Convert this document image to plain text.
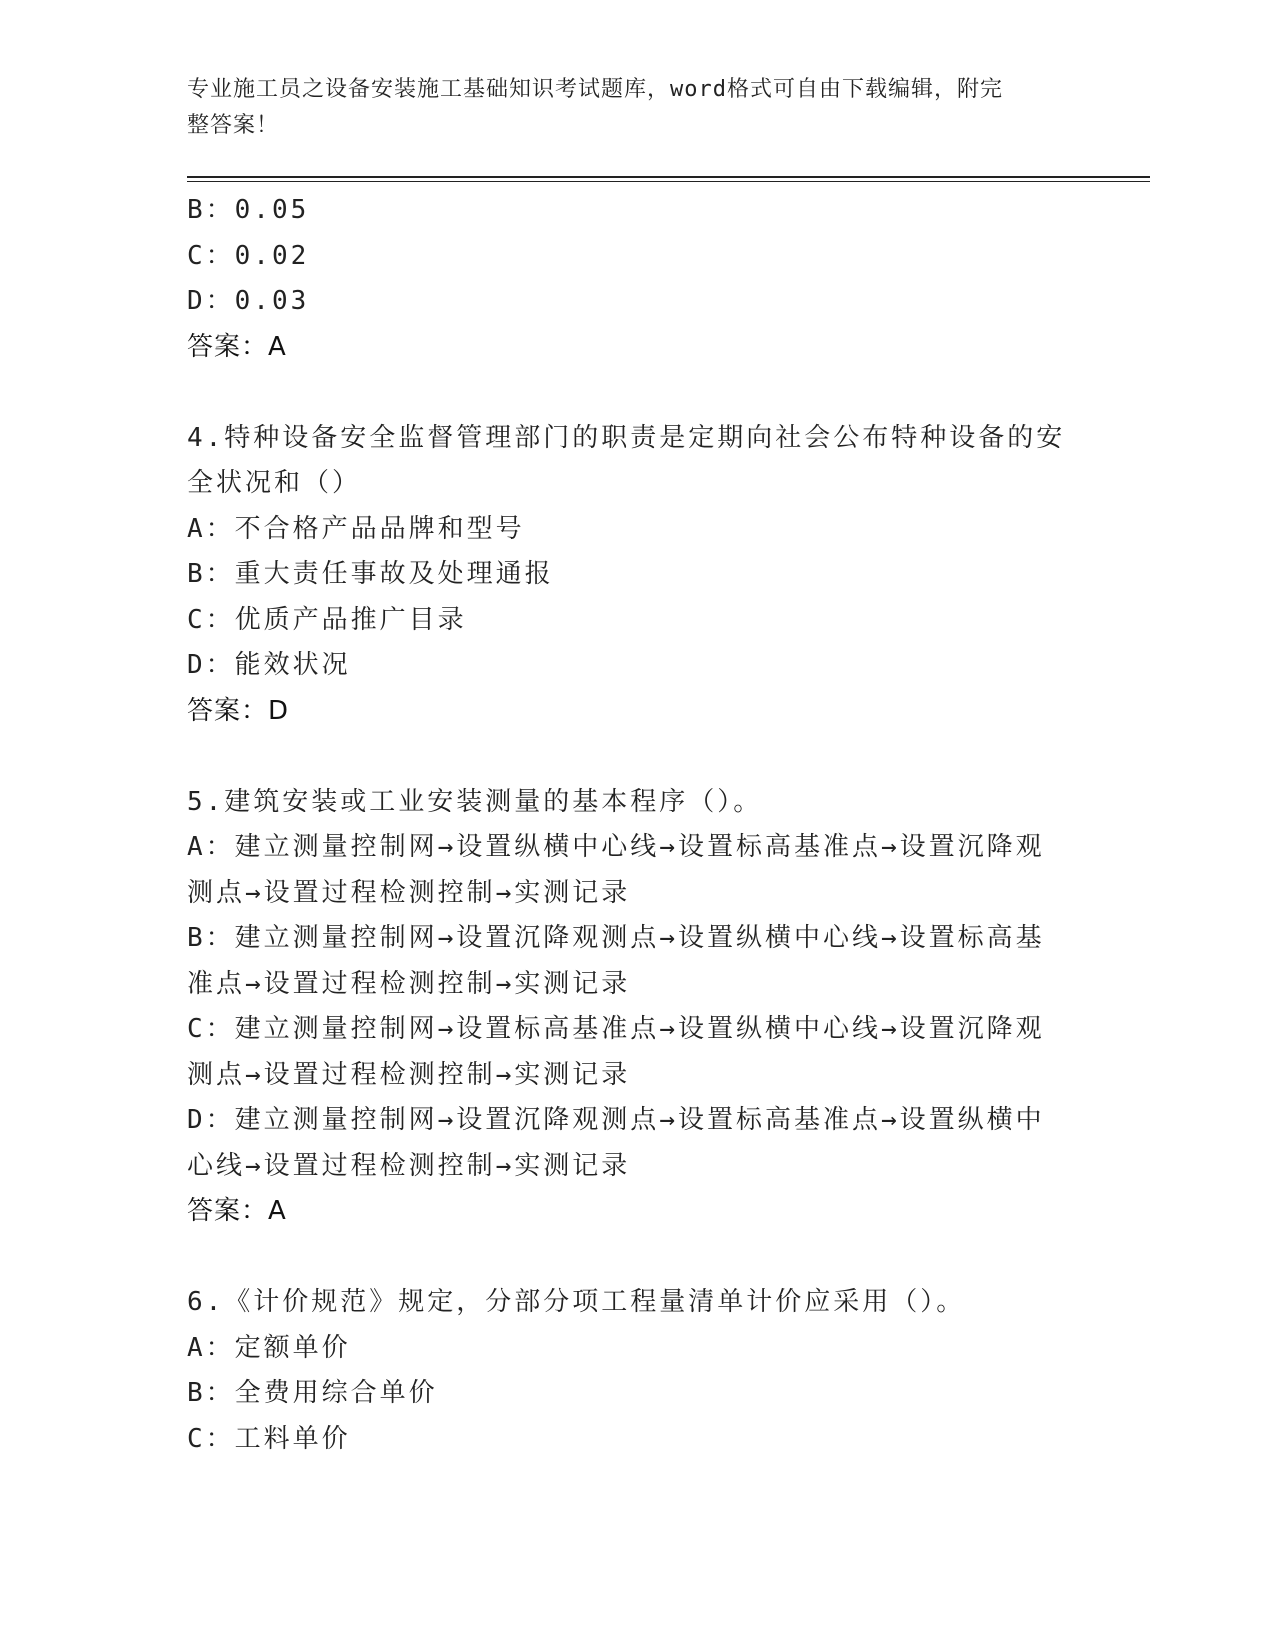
专业施工员之设备安装施工基础知识考试题库，word格式可自由下载编辑，附完
整答案！
B：0.05
C：0.02
D：0.03
答案：A
4.特种设备安全监督管理部门的职责是定期向社会公布特种设备的安
全状况和（）
A：不合格产品品牌和型号
B：重大责任事故及处理通报
C：优质产品推广目录
D：能效状况
答案：D
5.建筑安装或工业安装测量的基本程序（）。
A：建立测量控制网→设置纵横中心线→设置标高基准点→设置沉降观
测点→设置过程检测控制→实测记录
B：建立测量控制网→设置沉降观测点→设置纵横中心线→设置标高基
准点→设置过程检测控制→实测记录
C：建立测量控制网→设置标高基准点→设置纵横中心线→设置沉降观
测点→设置过程检测控制→实测记录
D：建立测量控制网→设置沉降观测点→设置标高基准点→设置纵横中
心线→设置过程检测控制→实测记录
答案：A
6.《计价规范》规定，分部分项工程量清单计价应采用（）。
A：定额单价
B：全费用综合单价
C：工料单价
